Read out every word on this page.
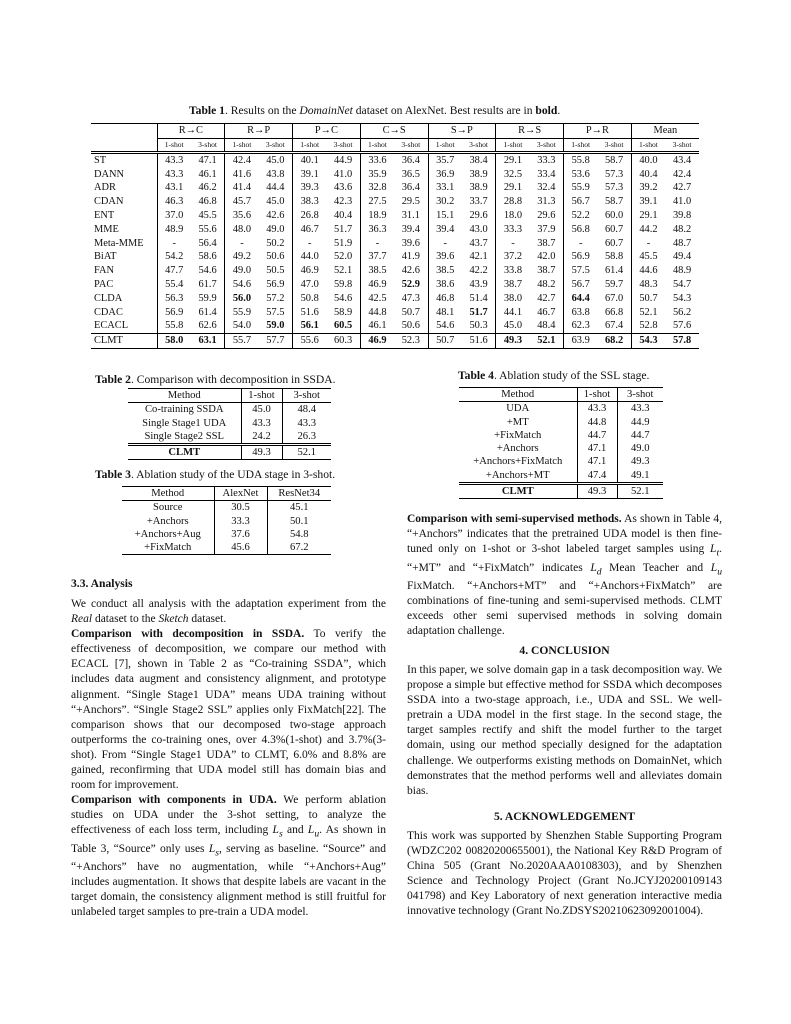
Table 1. Results on the DomainNet dataset on AlexNet. Best results are in bold.
	R→C		R→P		P→C		C→S		S→P		R→S		P→R		Mean	
	1-shot	3-shot	1-shot	3-shot	1-shot	3-shot	1-shot	3-shot	1-shot	3-shot	1-shot	3-shot	1-shot	3-shot	1-shot	3-shot
ST	43.3	47.1	42.4	45.0	40.1	44.9	33.6	36.4	35.7	38.4	29.1	33.3	55.8	58.7	40.0	43.4
DANN	43.3	46.1	41.6	43.8	39.1	41.0	35.9	36.5	36.9	38.9	32.5	33.4	53.6	57.3	40.4	42.4
ADR	43.1	46.2	41.4	44.4	39.3	43.6	32.8	36.4	33.1	38.9	29.1	32.4	55.9	57.3	39.2	42.7
CDAN	46.3	46.8	45.7	45.0	38.3	42.3	27.5	29.5	30.2	33.7	28.8	31.3	56.7	58.7	39.1	41.0
ENT	37.0	45.5	35.6	42.6	26.8	40.4	18.9	31.1	15.1	29.6	18.0	29.6	52.2	60.0	29.1	39.8
MME	48.9	55.6	48.0	49.0	46.7	51.7	36.3	39.4	39.4	43.0	33.3	37.9	56.8	60.7	44.2	48.2
Meta-MME	-	56.4	-	50.2	-	51.9	-	39.6	-	43.7	-	38.7	-	60.7	-	48.7
BiAT	54.2	58.6	49.2	50.6	44.0	52.0	37.7	41.9	39.6	42.1	37.2	42.0	56.9	58.8	45.5	49.4
FAN	47.7	54.6	49.0	50.5	46.9	52.1	38.5	42.6	38.5	42.2	33.8	38.7	57.5	61.4	44.6	48.9
PAC	55.4	61.7	54.6	56.9	47.0	59.8	46.9	52.9	38.6	43.9	38.7	48.2	56.7	59.7	48.3	54.7
CLDA	56.3	59.9	56.0	57.2	50.8	54.6	42.5	47.3	46.8	51.4	38.0	42.7	64.4	67.0	50.7	54.3
CDAC	56.9	61.4	55.9	57.5	51.6	58.9	44.8	50.7	48.1	51.7	44.1	46.7	63.8	66.8	52.1	56.2
ECACL	55.8	62.6	54.0	59.0	56.1	60.5	46.1	50.6	54.6	50.3	45.0	48.4	62.3	67.4	52.8	57.6
CLMT	58.0	63.1	55.7	57.7	55.6	60.3	46.9	52.3	50.7	51.6	49.3	52.1	63.9	68.2	54.3	57.8
Table 2. Comparison with decomposition in SSDA.
Method	1-shot	3-shot
Co-training SSDA	45.0	48.4
Single Stage1 UDA	43.3	43.3
Single Stage2 SSL	24.2	26.3
CLMT	49.3	52.1
Table 3. Ablation study of the UDA stage in 3-shot.
Method	AlexNet	ResNet34
Source	30.5	45.1
+Anchors	33.3	50.1
+Anchors+Aug	37.6	54.8
+FixMatch	45.6	67.2
Table 4. Ablation study of the SSL stage.
Method	1-shot	3-shot
UDA	43.3	43.3
+MT	44.8	44.9
+FixMatch	44.7	44.7
+Anchors	47.1	49.0
+Anchors+FixMatch	47.1	49.3
+Anchors+MT	47.4	49.1
CLMT	49.3	52.1
3.3. Analysis

We conduct all analysis with the adaptation experiment from the Real dataset to the Sketch dataset.

Comparison with decomposition in SSDA. To verify the effectiveness of decomposition, we compare our method with ECACL [7], shown in Table 2 as “Co-training SSDA”, which includes data augment and consistency alignment, and prototype alignment. “Single Stage1 UDA” means UDA training without “+Anchors”. “Single Stage2 SSL” applies only FixMatch[22]. The comparison shows that our decomposed two-stage approach outperforms the co-training ones, over 4.3%(1-shot) and 3.7%(3-shot). From “Single Stage1 UDA” to CLMT, 6.0% and 8.8% are gained, reconfirming that UDA model still has domain bias and room for improvement.

Comparison with components in UDA. We perform ablation studies on UDA under the 3-shot setting, to analyze the effectiveness of each loss term, including $L_s$ and $L_u$. As shown in Table 3, “Source” only uses $L_s$, serving as baseline. “Source” and “+Anchors” have no augmentation, while “+Anchors+Aug” includes augmentation. It shows that despite labels are vacant in the target domain, the consistency alignment method is still fruitful for unlabeled target samples to pre-train a UDA model.

Comparison with semi-supervised methods. As shown in Table 4, “+Anchors” indicates that the pretrained UDA model is then fine-tuned only on 1-shot or 3-shot labeled target samples using $L_t$. “+MT” and “+FixMatch” indicates $L_d$ Mean Teacher and $L_u$ FixMatch. “+Anchors+MT” and “+Anchors+FixMatch” are combinations of fine-tuning and semi-supervised methods. CLMT exceeds other semi supervised methods in solving domain adaptation challenge.

4. CONCLUSION

In this paper, we solve domain gap in a task decomposition way. We propose a simple but effective method for SSDA which decomposes SSDA into a two-stage approach, i.e., UDA and SSL. We well-pretrain a UDA model in the first stage. In the second stage, the target samples rectify and shift the model further to the target domain, using our method specially designed for the adaptation challenge. We outperforms existing methods on DomainNet, which demonstrates that the method performs well and alleviates domain bias.

5. ACKNOWLEDGEMENT

This work was supported by Shenzhen Stable Supporting Program (WDZC202 00820200655001), the National Key R&D Program of China 505 (Grant No.2020AAA0108303), and by Shenzhen Science and Technology Project (Grant No.JCYJ20200109143 041798) and Key Laboratory of next generation interactive media innovative technology (Grant No.ZDSYS20210623092001004).
